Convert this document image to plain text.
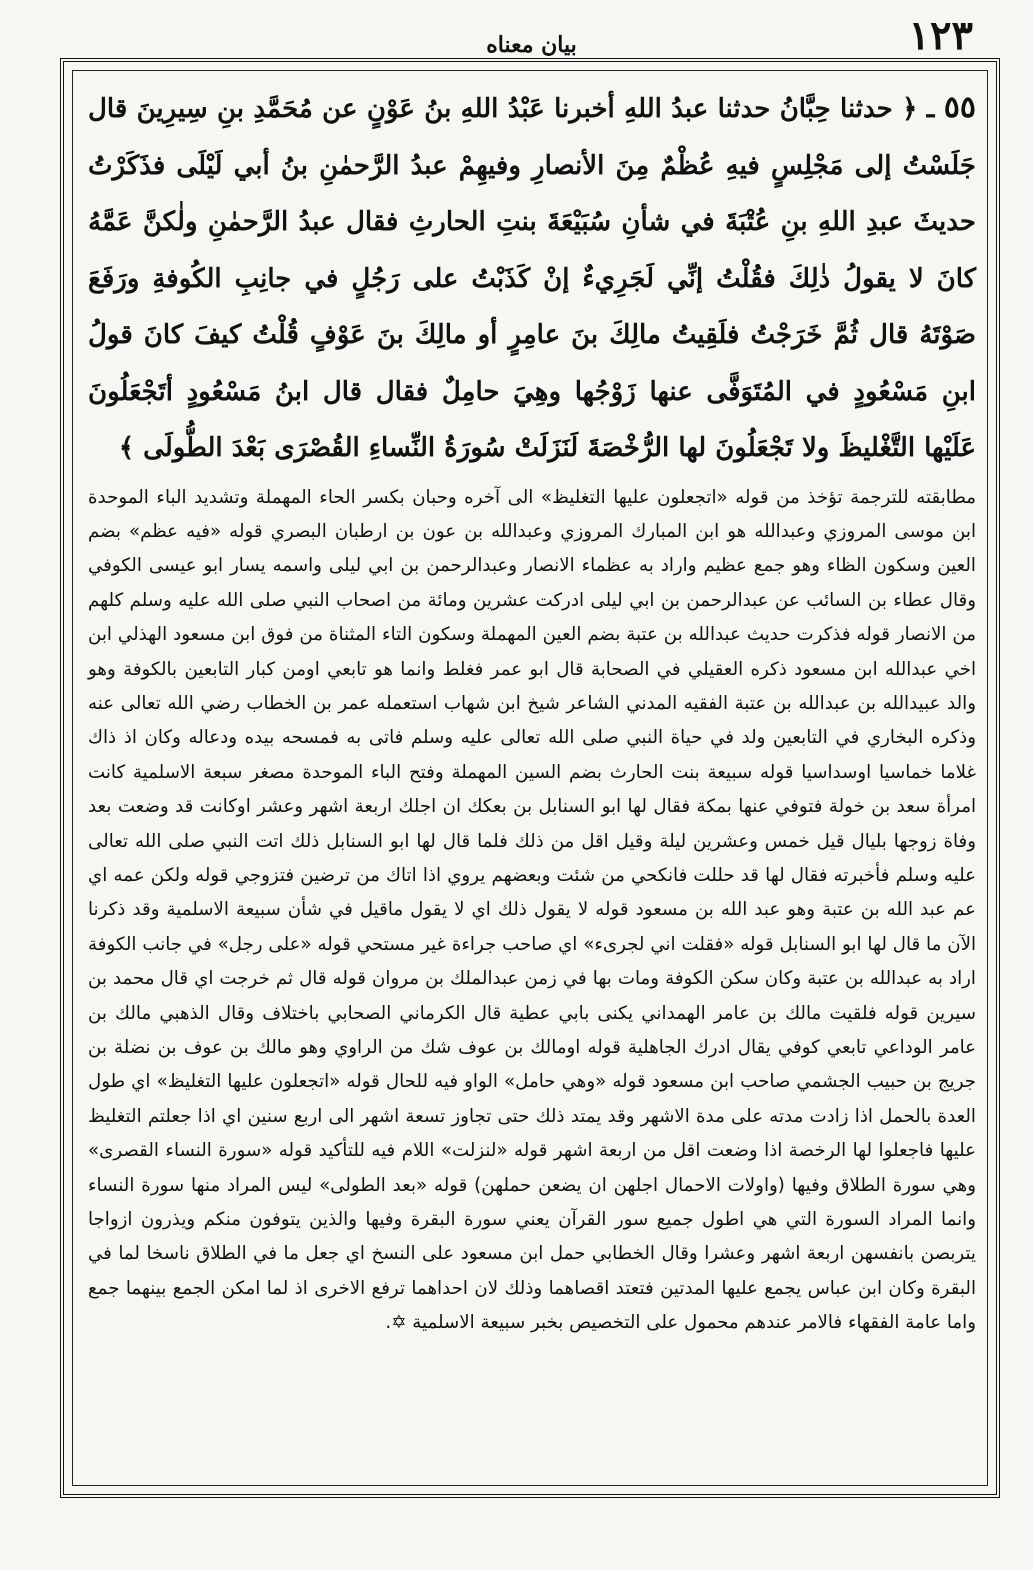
١٢٣
بيان معناه

٥٥ ـ ﴿ حدثنا حِبَّانُ حدثنا عبدُ اللهِ أخبرنا عَبْدُ اللهِ بنُ عَوْنٍ عن مُحَمَّدِ بنِ سِيرِينَ قال جَلَسْتُ إلى مَجْلِسٍ فيهِ عُظْمٌ مِنَ الأنصارِ وفيهِمْ عبدُ الرَّحمٰنِ بنُ أبي لَيْلَى فذَكَرْتُ حديثَ عبدِ اللهِ بنِ عُتْبَةَ في شأنِ سُبَيْعَةَ بنتِ الحارثِ فقال عبدُ الرَّحمٰنِ ولٰكنَّ عَمَّهُ كانَ لا يقولُ ذٰلِكَ فقُلْتُ إنِّي لَجَرِيءٌ إنْ كَذَبْتُ على رَجُلٍ في جانِبِ الكُوفةِ ورَفَعَ صَوْتَهُ قال ثُمَّ خَرَجْتُ فلَقِيتُ مالِكَ بنَ عامِرٍ أو مالِكَ بنَ عَوْفٍ قُلْتُ كيفَ كانَ قولُ ابنِ مَسْعُودٍ في المُتَوَفَّى عنها زَوْجُها وهِيَ حامِلٌ فقال قال ابنُ مَسْعُودٍ أتَجْعَلُونَ عَلَيْها التَّغْليظَ ولا تَجْعَلُونَ لها الرُّخْصَةَ لَنَزَلَتْ سُورَةُ النِّساءِ القُصْرَى بَعْدَ الطُّولَى ﴾

مطابقته للترجمة تؤخذ من قوله «اتجعلون عليها التغليظ» الى آخره وحبان بكسر الحاء المهملة وتشديد الباء الموحدة ابن موسى المروزي وعبدالله هو ابن المبارك المروزي وعبدالله بن عون بن ارطبان البصري قوله «فيه عظم» بضم العين وسكون الظاء وهو جمع عظيم واراد به عظماء الانصار وعبدالرحمن بن ابي ليلى واسمه يسار ابو عيسى الكوفي وقال عطاء بن السائب عن عبدالرحمن بن ابي ليلى ادركت عشرين ومائة من اصحاب النبي صلى الله عليه وسلم كلهم من الانصار قوله فذكرت حديث عبدالله بن عتبة بضم العين المهملة وسكون التاء المثناة من فوق ابن مسعود الهذلي ابن اخي عبدالله ابن مسعود ذكره العقيلي في الصحابة قال ابو عمر فغلط وانما هو تابعي اومن كبار التابعين بالكوفة وهو والد عبيدالله بن عبدالله بن عتبة الفقيه المدني الشاعر شيخ ابن شهاب استعمله عمر بن الخطاب رضي الله تعالى عنه وذكره البخاري في التابعين ولد في حياة النبي صلى الله تعالى عليه وسلم فاتى به فمسحه بيده ودعاله وكان اذ ذاك غلاما خماسيا اوسداسيا قوله سبيعة بنت الحارث بضم السين المهملة وفتح الباء الموحدة مصغر سبعة الاسلمية كانت امرأة سعد بن خولة فتوفي عنها بمكة فقال لها ابو السنابل بن بعكك ان اجلك اربعة اشهر وعشر اوكانت قد وضعت بعد وفاة زوجها بليال قيل خمس وعشرين ليلة وقيل اقل من ذلك فلما قال لها ابو السنابل ذلك اتت النبي صلى الله تعالى عليه وسلم فأخبرته فقال لها قد حللت فانكحي من شئت وبعضهم يروي اذا اتاك من ترضين فتزوجي قوله ولكن عمه اي عم عبد الله بن عتبة وهو عبد الله بن مسعود قوله لا يقول ذلك اي لا يقول ماقيل في شأن سبيعة الاسلمية وقد ذكرنا الآن ما قال لها ابو السنابل قوله «فقلت اني لجرىء» اي صاحب جراءة غير مستحي قوله «على رجل» في جانب الكوفة اراد به عبدالله بن عتبة وكان سكن الكوفة ومات بها في زمن عبدالملك بن مروان قوله قال ثم خرجت اي قال محمد بن سيرين قوله فلقيت مالك بن عامر الهمداني يكنى بابي عطية قال الكرماني الصحابي باختلاف وقال الذهبي مالك بن عامر الوداعي تابعي كوفي يقال ادرك الجاهلية قوله اومالك بن عوف شك من الراوي وهو مالك بن عوف بن نضلة بن جريج بن حبيب الجشمي صاحب ابن مسعود قوله «وهي حامل» الواو فيه للحال قوله «اتجعلون عليها التغليظ» اي طول العدة بالحمل اذا زادت مدته على مدة الاشهر وقد يمتد ذلك حتى تجاوز تسعة اشهر الى اربع سنين اي اذا جعلتم التغليظ عليها فاجعلوا لها الرخصة اذا وضعت اقل من اربعة اشهر قوله «لنزلت» اللام فيه للتأكيد قوله «سورة النساء القصرى» وهي سورة الطلاق وفيها (واولات الاحمال اجلهن ان يضعن حملهن) قوله «بعد الطولى» ليس المراد منها سورة النساء وانما المراد السورة التي هي اطول جميع سور القرآن يعني سورة البقرة وفيها والذين يتوفون منكم ويذرون ازواجا يتربصن بانفسهن اربعة اشهر وعشرا وقال الخطابي حمل ابن مسعود على النسخ اي جعل ما في الطلاق ناسخا لما في البقرة وكان ابن عباس يجمع عليها المدتين فتعتد اقصاهما وذلك لان احداهما ترفع الاخرى اذ لما امكن الجمع بينهما جمع واما عامة الفقهاء فالامر عندهم محمول على التخصيص بخبر سبيعة الاسلمية ✡.
